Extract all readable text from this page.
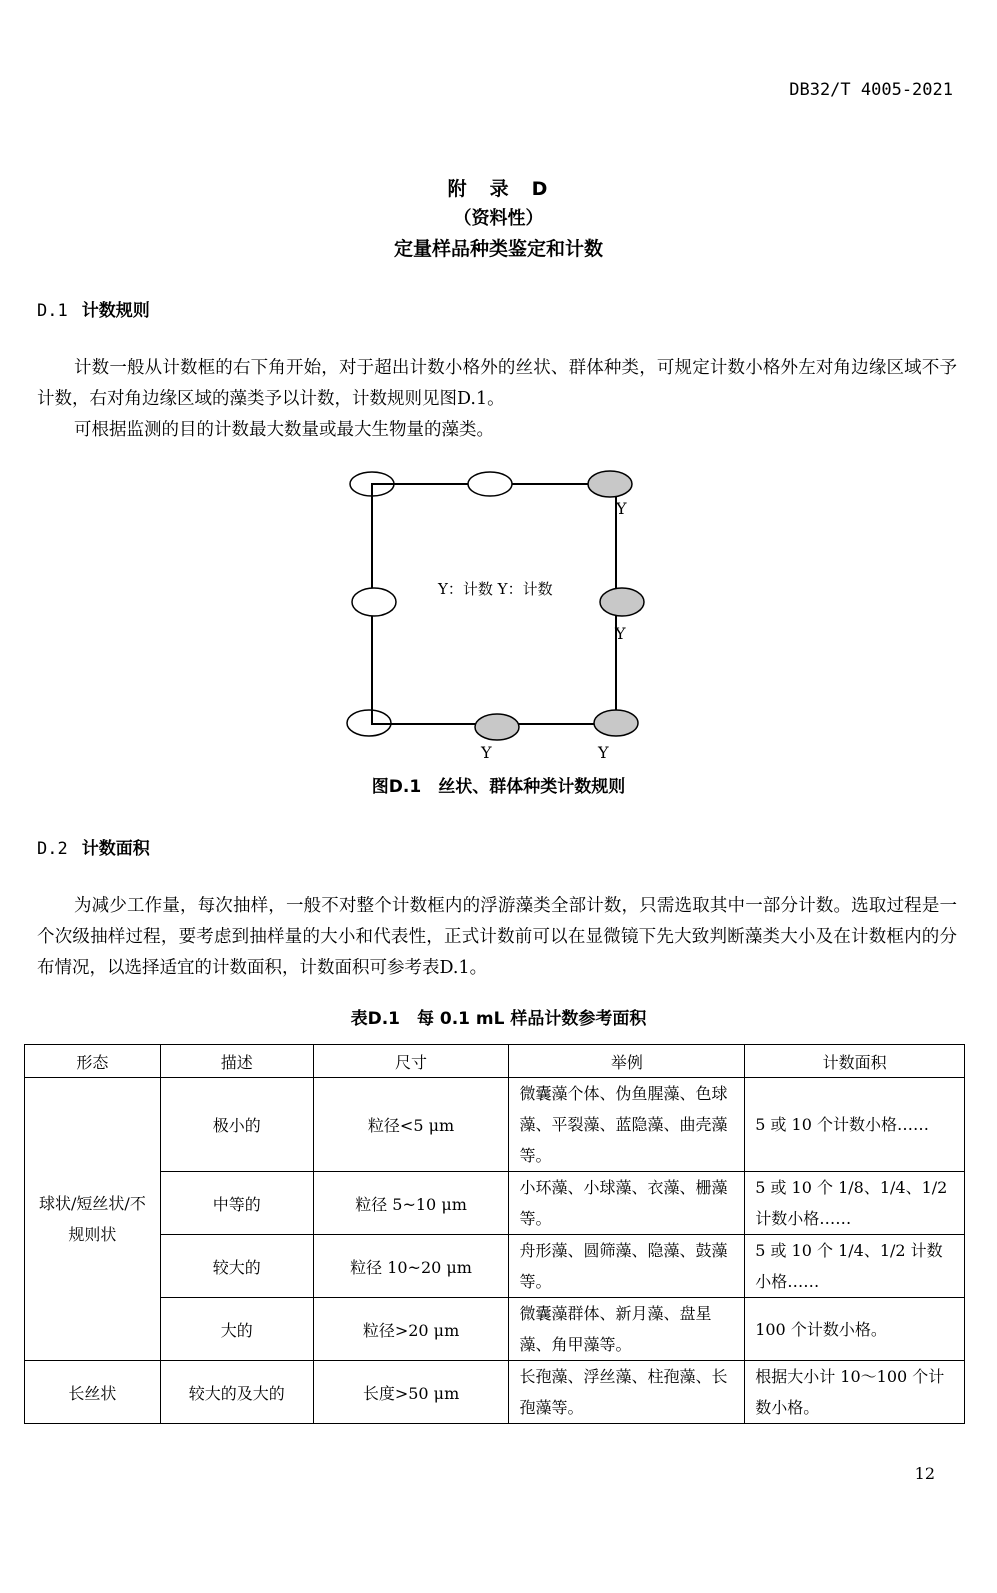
DB32/T 4005-2021
附　录　D
（资料性）
定量样品种类鉴定和计数
D.1 计数规则
计数一般从计数框的右下角开始，对于超出计数小格外的丝状、群体种类，可规定计数小格外左对角边缘区域不予计数，右对角边缘区域的藻类予以计数，计数规则见图D.1。
可根据监测的目的计数最大数量或最大生物量的藻类。
Y：计数 Y：计数
Y
Y
Y	Y
图D.1　丝状、群体种类计数规则
D.2 计数面积
为减少工作量，每次抽样，一般不对整个计数框内的浮游藻类全部计数，只需选取其中一部分计数。选取过程是一个次级抽样过程，要考虑到抽样量的大小和代表性，正式计数前可以在显微镜下先大致判断藻类大小及在计数框内的分布情况，以选择适宜的计数面积，计数面积可参考表D.1。
表D.1　每 0.1 mL 样品计数参考面积
形态	描述	尺寸	举例	计数面积
球状/短丝状/不规则状	极小的	粒径<5 μm	微囊藻个体、伪鱼腥藻、色球藻、平裂藻、蓝隐藻、曲壳藻等。	5 或 10 个计数小格……
	中等的	粒径 5~10 μm	小环藻、小球藻、衣藻、栅藻等。	5 或 10 个 1/8、1/4、1/2 计数小格……
	较大的	粒径 10~20 μm	舟形藻、圆筛藻、隐藻、鼓藻等。	5 或 10 个 1/4、1/2 计数小格……
	大的	粒径>20 μm	微囊藻群体、新月藻、盘星藻、角甲藻等。	100 个计数小格。
长丝状	较大的及大的	长度>50 μm	长孢藻、浮丝藻、柱孢藻、长孢藻等。	根据大小计 10～100 个计数小格。
12
